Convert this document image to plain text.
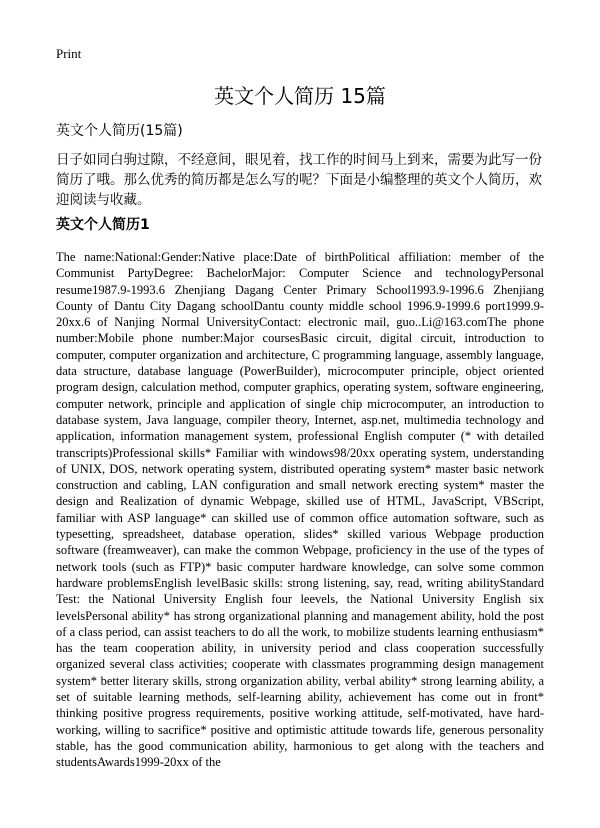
Print
英文个人简历 15篇
英文个人简历(15篇)

日子如同白驹过隙，不经意间，眼见着，找工作的时间马上到来，需要为此写一份简历了哦。那么优秀的简历都是怎么写的呢？下面是小编整理的英文个人简历，欢迎阅读与收藏。

英文个人简历1

The name:National:Gender:Native place:Date of birthPolitical affiliation: member of the Communist PartyDegree: BachelorMajor: Computer Science and technologyPersonal resume1987.9-1993.6 Zhenjiang Dagang Center Primary School1993.9-1996.6 Zhenjiang County of Dantu City Dagang schoolDantu county middle school 1996.9-1999.6 port1999.9-20xx.6 of Nanjing Normal UniversityContact: electronic mail, guo..Li@163.comThe phone number:Mobile phone number:Major coursesBasic circuit, digital circuit, introduction to computer, computer organization and architecture, C programming language, assembly language, data structure, database language (PowerBuilder), microcomputer principle, object oriented program design, calculation method, computer graphics, operating system, software engineering, computer network, principle and application of single chip microcomputer, an introduction to database system, Java language, compiler theory, Internet, asp.net, multimedia technology and application, information management system, professional English computer (* with detailed transcripts)Professional skills* Familiar with windows98/20xx operating system, understanding of UNIX, DOS, network operating system, distributed operating system* master basic network construction and cabling, LAN configuration and small network erecting system* master the design and Realization of dynamic Webpage, skilled use of HTML, JavaScript, VBScript, familiar with ASP language* can skilled use of common office automation software, such as typesetting, spreadsheet, database operation, slides* skilled various Webpage production software (freamweaver), can make the common Webpage, proficiency in the use of the types of network tools (such as FTP)* basic computer hardware knowledge, can solve some common hardware problemsEnglish levelBasic skills: strong listening, say, read, writing abilityStandard Test: the National University English four leevels, the National University English six levelsPersonal ability* has strong organizational planning and management ability, hold the post of a class period, can assist teachers to do all the work, to mobilize students learning enthusiasm* has the team cooperation ability, in university period and class cooperation successfully organized several class activities; cooperate with classmates programming design management system* better literary skills, strong organization ability, verbal ability* strong learning ability, a set of suitable learning methods, self-learning ability, achievement has come out in front* thinking positive progress requirements, positive working attitude, self-motivated, have hard-working, willing to sacrifice* positive and optimistic attitude towards life, generous personality stable, has the good communication ability, harmonious to get along with the teachers and studentsAwards1999-20xx of the
